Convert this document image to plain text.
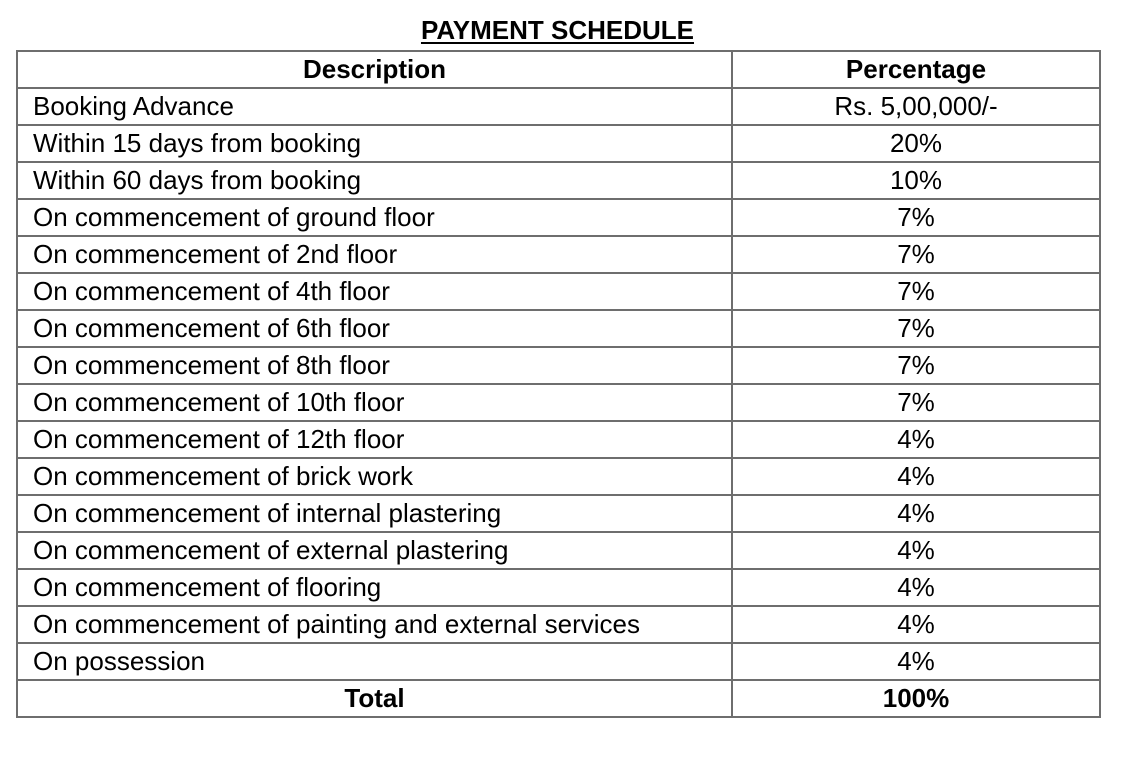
PAYMENT SCHEDULE
Description	Percentage
Booking Advance	Rs. 5,00,000/-
Within 15 days from booking	20%
Within 60 days from booking	10%
On commencement of ground floor	7%
On commencement of 2nd floor	7%
On commencement of 4th floor	7%
On commencement of 6th floor	7%
On commencement of 8th floor	7%
On commencement of 10th floor	7%
On commencement of 12th floor	4%
On commencement of brick work	4%
On commencement of internal plastering	4%
On commencement of external plastering	4%
On commencement of flooring	4%
On commencement of painting and external services	4%
On possession	4%
Total	100%
